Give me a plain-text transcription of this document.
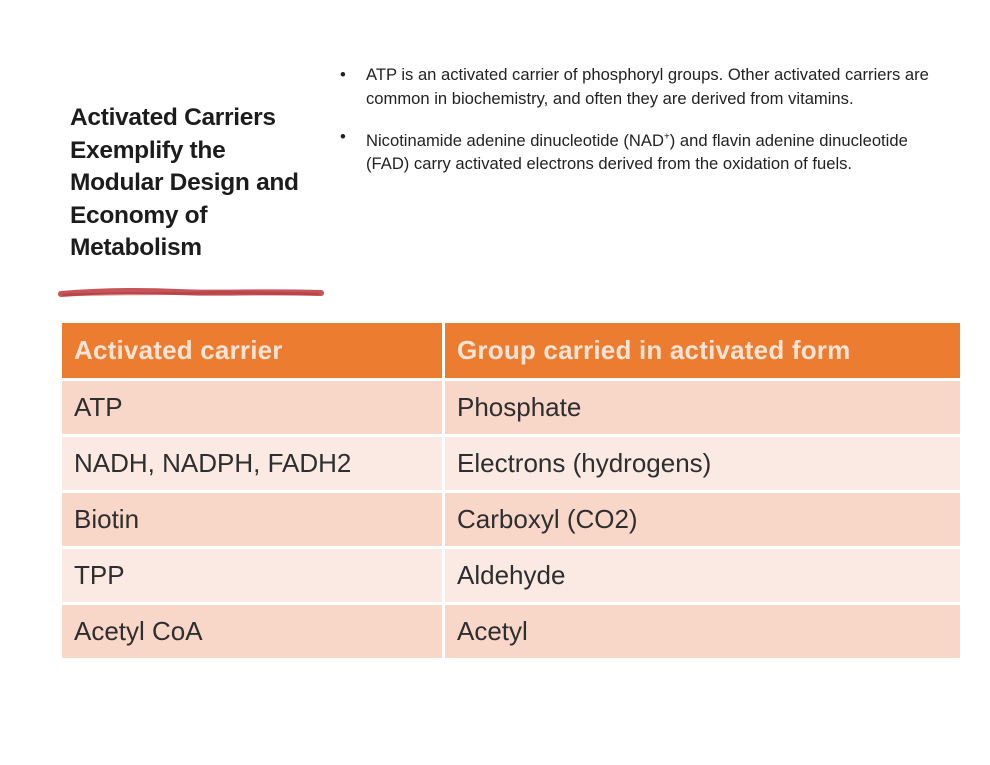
Activated Carriers
Exemplify the
Modular Design and
Economy of
Metabolism
•	ATP is an activated carrier of phosphoryl groups. Other activated carriers are common in biochemistry, and often they are derived from vitamins.
•	Nicotinamide adenine dinucleotide (NAD+) and flavin adenine dinucleotide (FAD) carry activated electrons derived from the oxidation of fuels.
Activated carrier	Group carried in activated form
ATP	Phosphate
NADH, NADPH, FADH2	Electrons (hydrogens)
Biotin	Carboxyl (CO2)
TPP	Aldehyde
Acetyl CoA	Acetyl
